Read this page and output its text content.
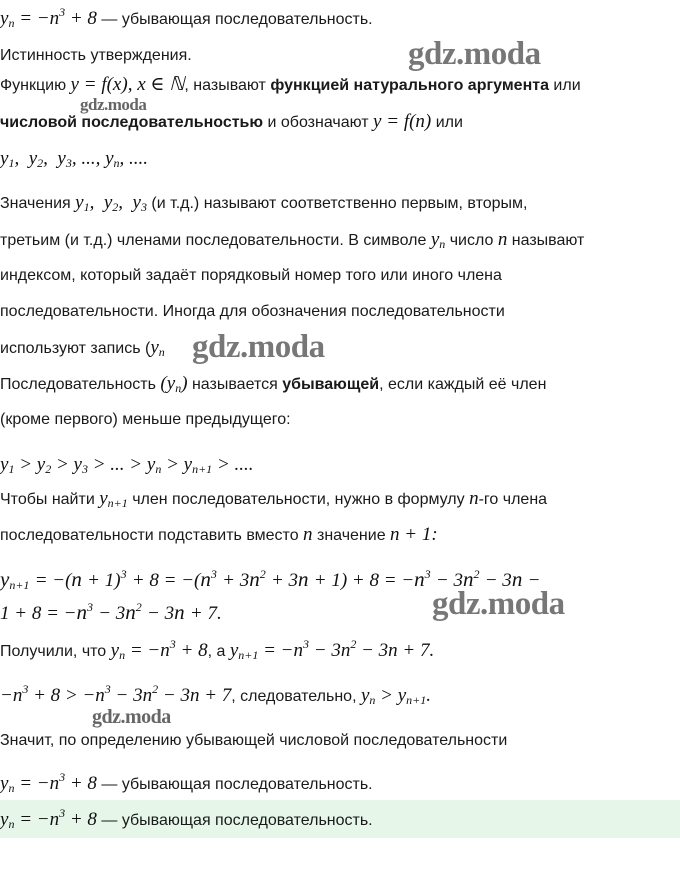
$y_n = -n^3 + 8$ — убывающая последовательность.
Истинность утверждения.
Функцию y = f(x), x ∈ ℕ, называют функцией натурального аргумента или
числовой последовательностью и обозначают y = f(n) или
$y_1$,  $y_2$,  $y_3$, ..., $y_n$, ....
Значения $y_1$,  $y_2$,  $y_3$ (и т.д.) называют соответственно первым, вторым,
третьим (и т.д.) членами последовательности. В символе $y_n$ число n называют
индексом, который задаёт порядковый номер того или иного члена
последовательности. Иногда для обозначения последовательности
используют запись ($y_n$
Последовательность $(y_n)$ называется убывающей, если каждый её член
(кроме первого) меньше предыдущего:
$y_1 > y_2 > y_3$ > ... > $y_n > y_{n+1}$ > ....
Чтобы найти $y_{n+1}$ член последовательности, нужно в формулу n-го члена
последовательности подставить вместо n значение n + 1:
$y_{n+1} = -(n + 1)^3 + 8 = -(n^3 + 3n^2 + 3n + 1) + 8 = -n^3 - 3n^2 - 3n$ −
$1 + 8 = -n^3 - 3n^2 - 3n + 7$.
Получили, что $y_n = -n^3 + 8$, а $y_{n+1} = -n^3 - 3n^2 - 3n + 7$.
$-n^3 + 8 > -n^3 - 3n^2 - 3n + 7$, следовательно, $y_n > y_{n+1}$.
Значит, по определению убывающей числовой последовательности
$y_n = -n^3 + 8$ — убывающая последовательность.
$y_n = -n^3 + 8$ — убывающая последовательность.
gdz.moda
gdz.moda
gdz.moda
gdz.moda
gdz.moda
